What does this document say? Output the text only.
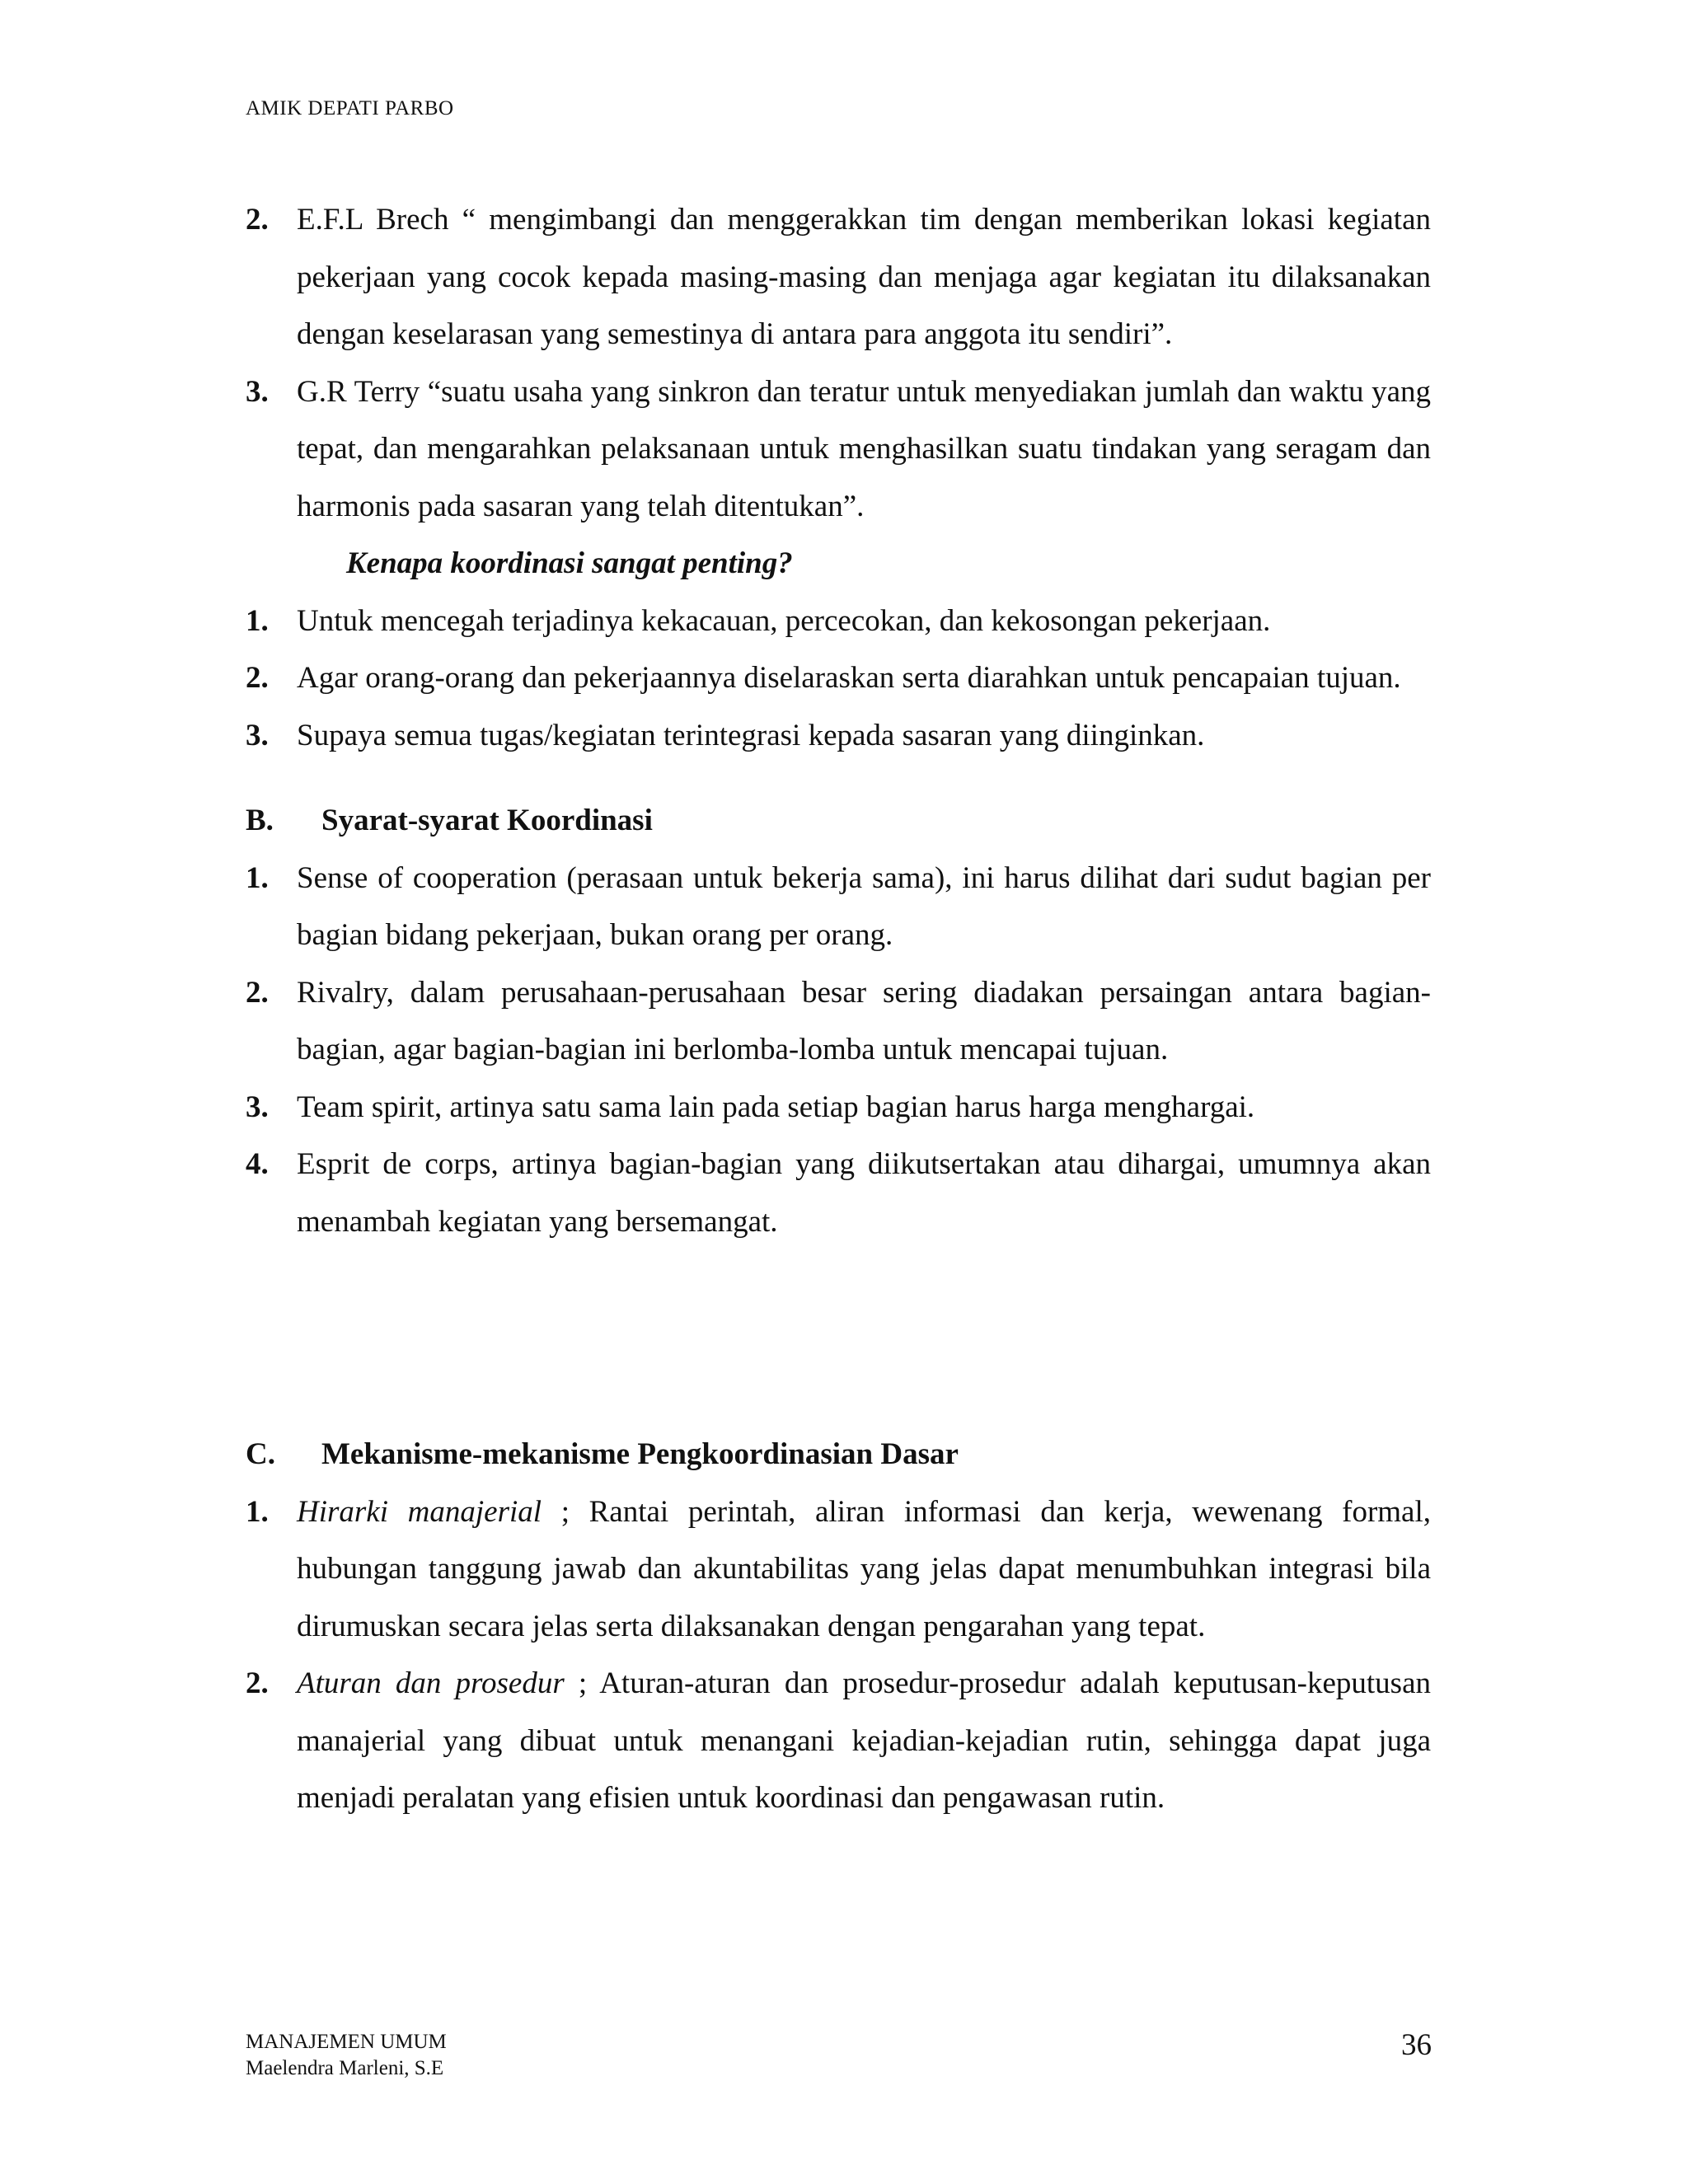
AMIK DEPATI PARBO
2. E.F.L Brech “ mengimbangi dan menggerakkan tim dengan memberikan lokasi kegiatan pekerjaan yang cocok kepada masing-masing dan menjaga agar kegiatan itu dilaksanakan dengan keselarasan yang semestinya di antara para anggota itu sendiri”.
3. G.R Terry “suatu usaha yang sinkron dan teratur untuk menyediakan jumlah dan waktu yang tepat, dan mengarahkan pelaksanaan untuk menghasilkan suatu tindakan yang seragam dan harmonis pada sasaran yang telah ditentukan”.
Kenapa koordinasi sangat penting?
1. Untuk mencegah terjadinya kekacauan, percecokan, dan kekosongan pekerjaan.
2. Agar orang-orang dan pekerjaannya diselaraskan serta diarahkan untuk pencapaian tujuan.
3. Supaya semua tugas/kegiatan terintegrasi kepada sasaran yang diinginkan.
B.	Syarat-syarat Koordinasi
1. Sense of cooperation (perasaan untuk bekerja sama), ini harus dilihat dari sudut bagian per bagian bidang pekerjaan, bukan orang per orang.
2. Rivalry, dalam perusahaan-perusahaan besar sering diadakan persaingan antara bagian-bagian, agar bagian-bagian ini berlomba-lomba untuk mencapai tujuan.
3. Team spirit, artinya satu sama lain pada setiap bagian harus harga menghargai.
4. Esprit de corps, artinya bagian-bagian yang diikutsertakan atau dihargai, umumnya akan menambah kegiatan yang bersemangat.
C.	Mekanisme-mekanisme Pengkoordinasian Dasar
1. Hirarki manajerial ; Rantai perintah, aliran informasi dan kerja, wewenang formal, hubungan tanggung jawab dan akuntabilitas yang jelas dapat menumbuhkan integrasi bila dirumuskan secara jelas serta dilaksanakan dengan pengarahan yang tepat.
2. Aturan dan prosedur ; Aturan-aturan dan prosedur-prosedur adalah keputusan-keputusan manajerial yang dibuat untuk menangani kejadian-kejadian rutin, sehingga dapat juga menjadi peralatan yang efisien untuk koordinasi dan pengawasan rutin.
MANAJEMEN UMUM
Maelendra Marleni, S.E
36
